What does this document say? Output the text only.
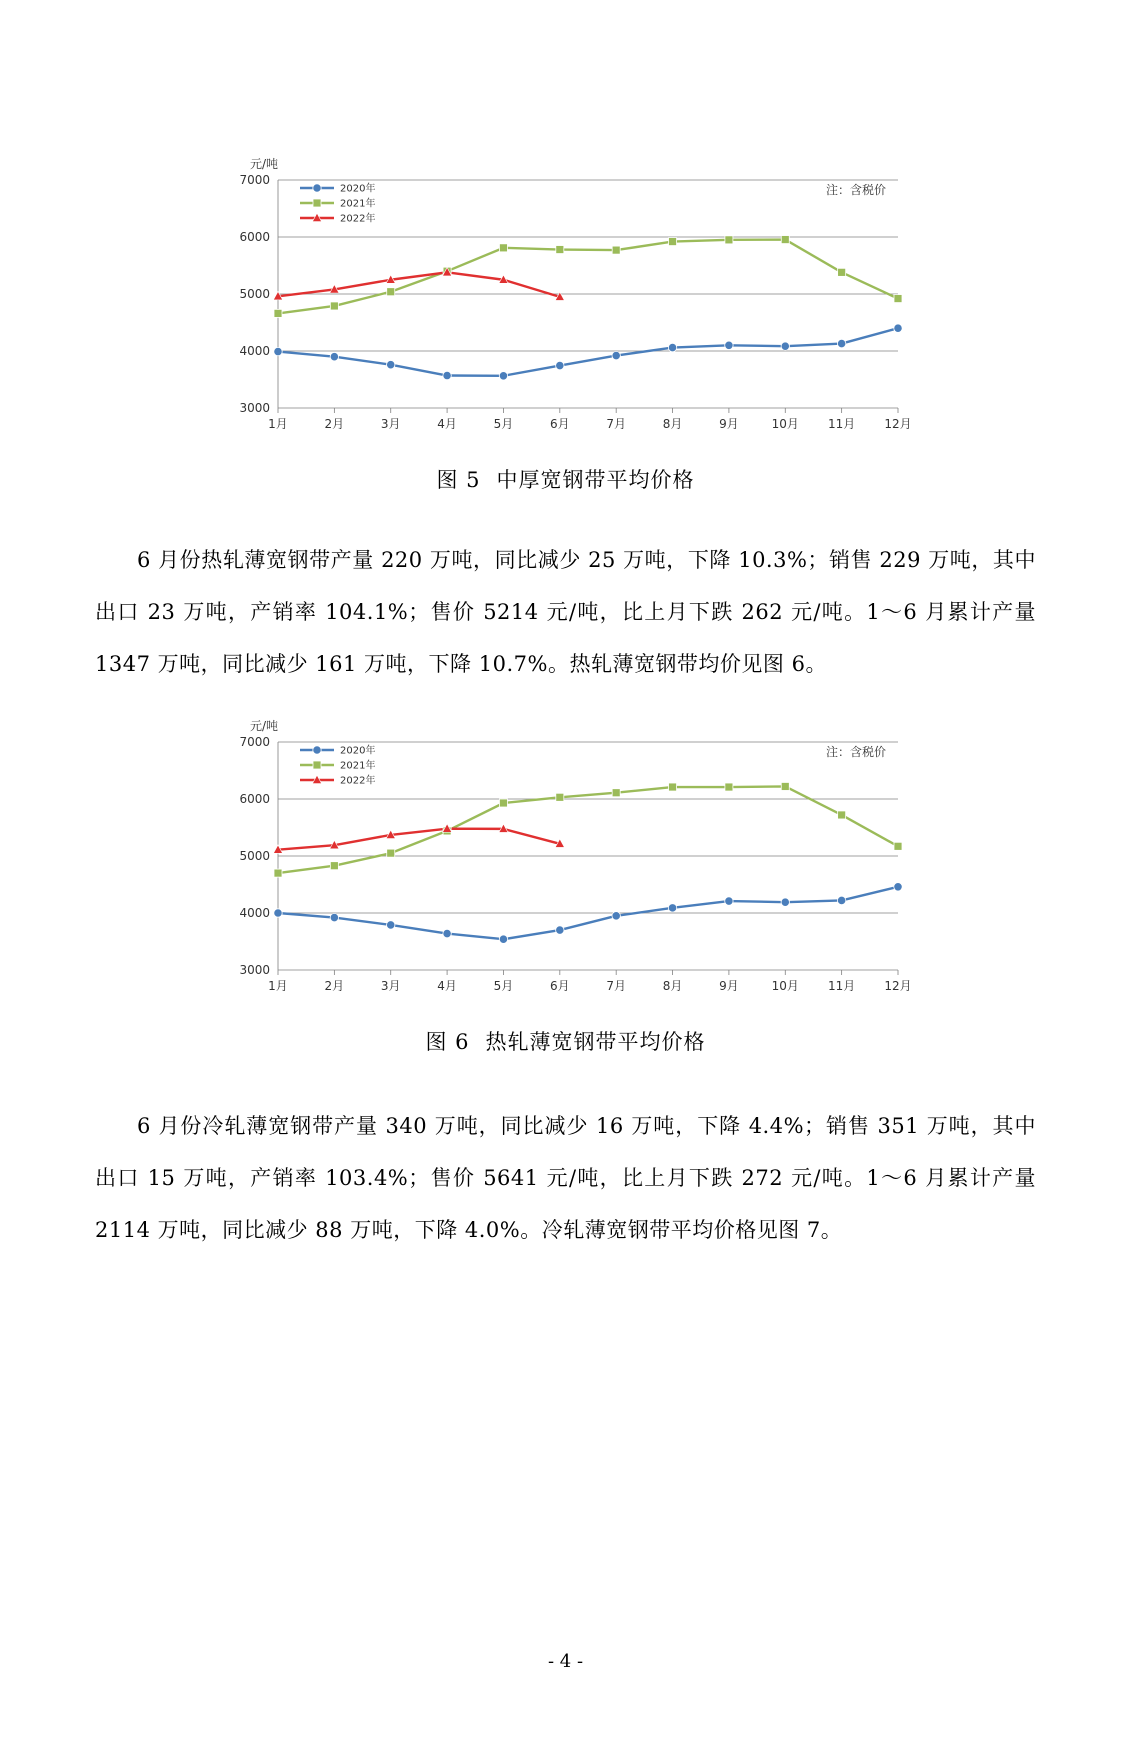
3000
4000
5000
6000
7000
1月	2月	3月	4月	5月	6月	7月	8月	9月	10月 11月 12月
元/吨
注：含税价
2020年
2021年
2022年
图 5 中厚宽钢带平均价格

6 月份热轧薄宽钢带产量 220 万吨，同比减少 25 万吨，下降 10.3%；销售 229 万吨，其中出口 23 万吨，产销率 104.1%；售价 5214 元/吨，比上月下跌 262 元/吨。1～6 月累计产量 1347 万吨，同比减少 161 万吨，下降 10.7%。热轧薄宽钢带均价见图 6。

3000
4000
5000
6000
7000
1月	2月	3月	4月	5月	6月	7月	8月	9月	10月 11月 12月
元/吨
注：含税价
2020年
2021年
2022年
图 6 热轧薄宽钢带平均价格

6 月份冷轧薄宽钢带产量 340 万吨，同比减少 16 万吨，下降 4.4%；销售 351 万吨，其中出口 15 万吨，产销率 103.4%；售价 5641 元/吨，比上月下跌 272 元/吨。1～6 月累计产量 2114 万吨，同比减少 88 万吨，下降 4.0%。冷轧薄宽钢带平均价格见图 7。

- 4 -
